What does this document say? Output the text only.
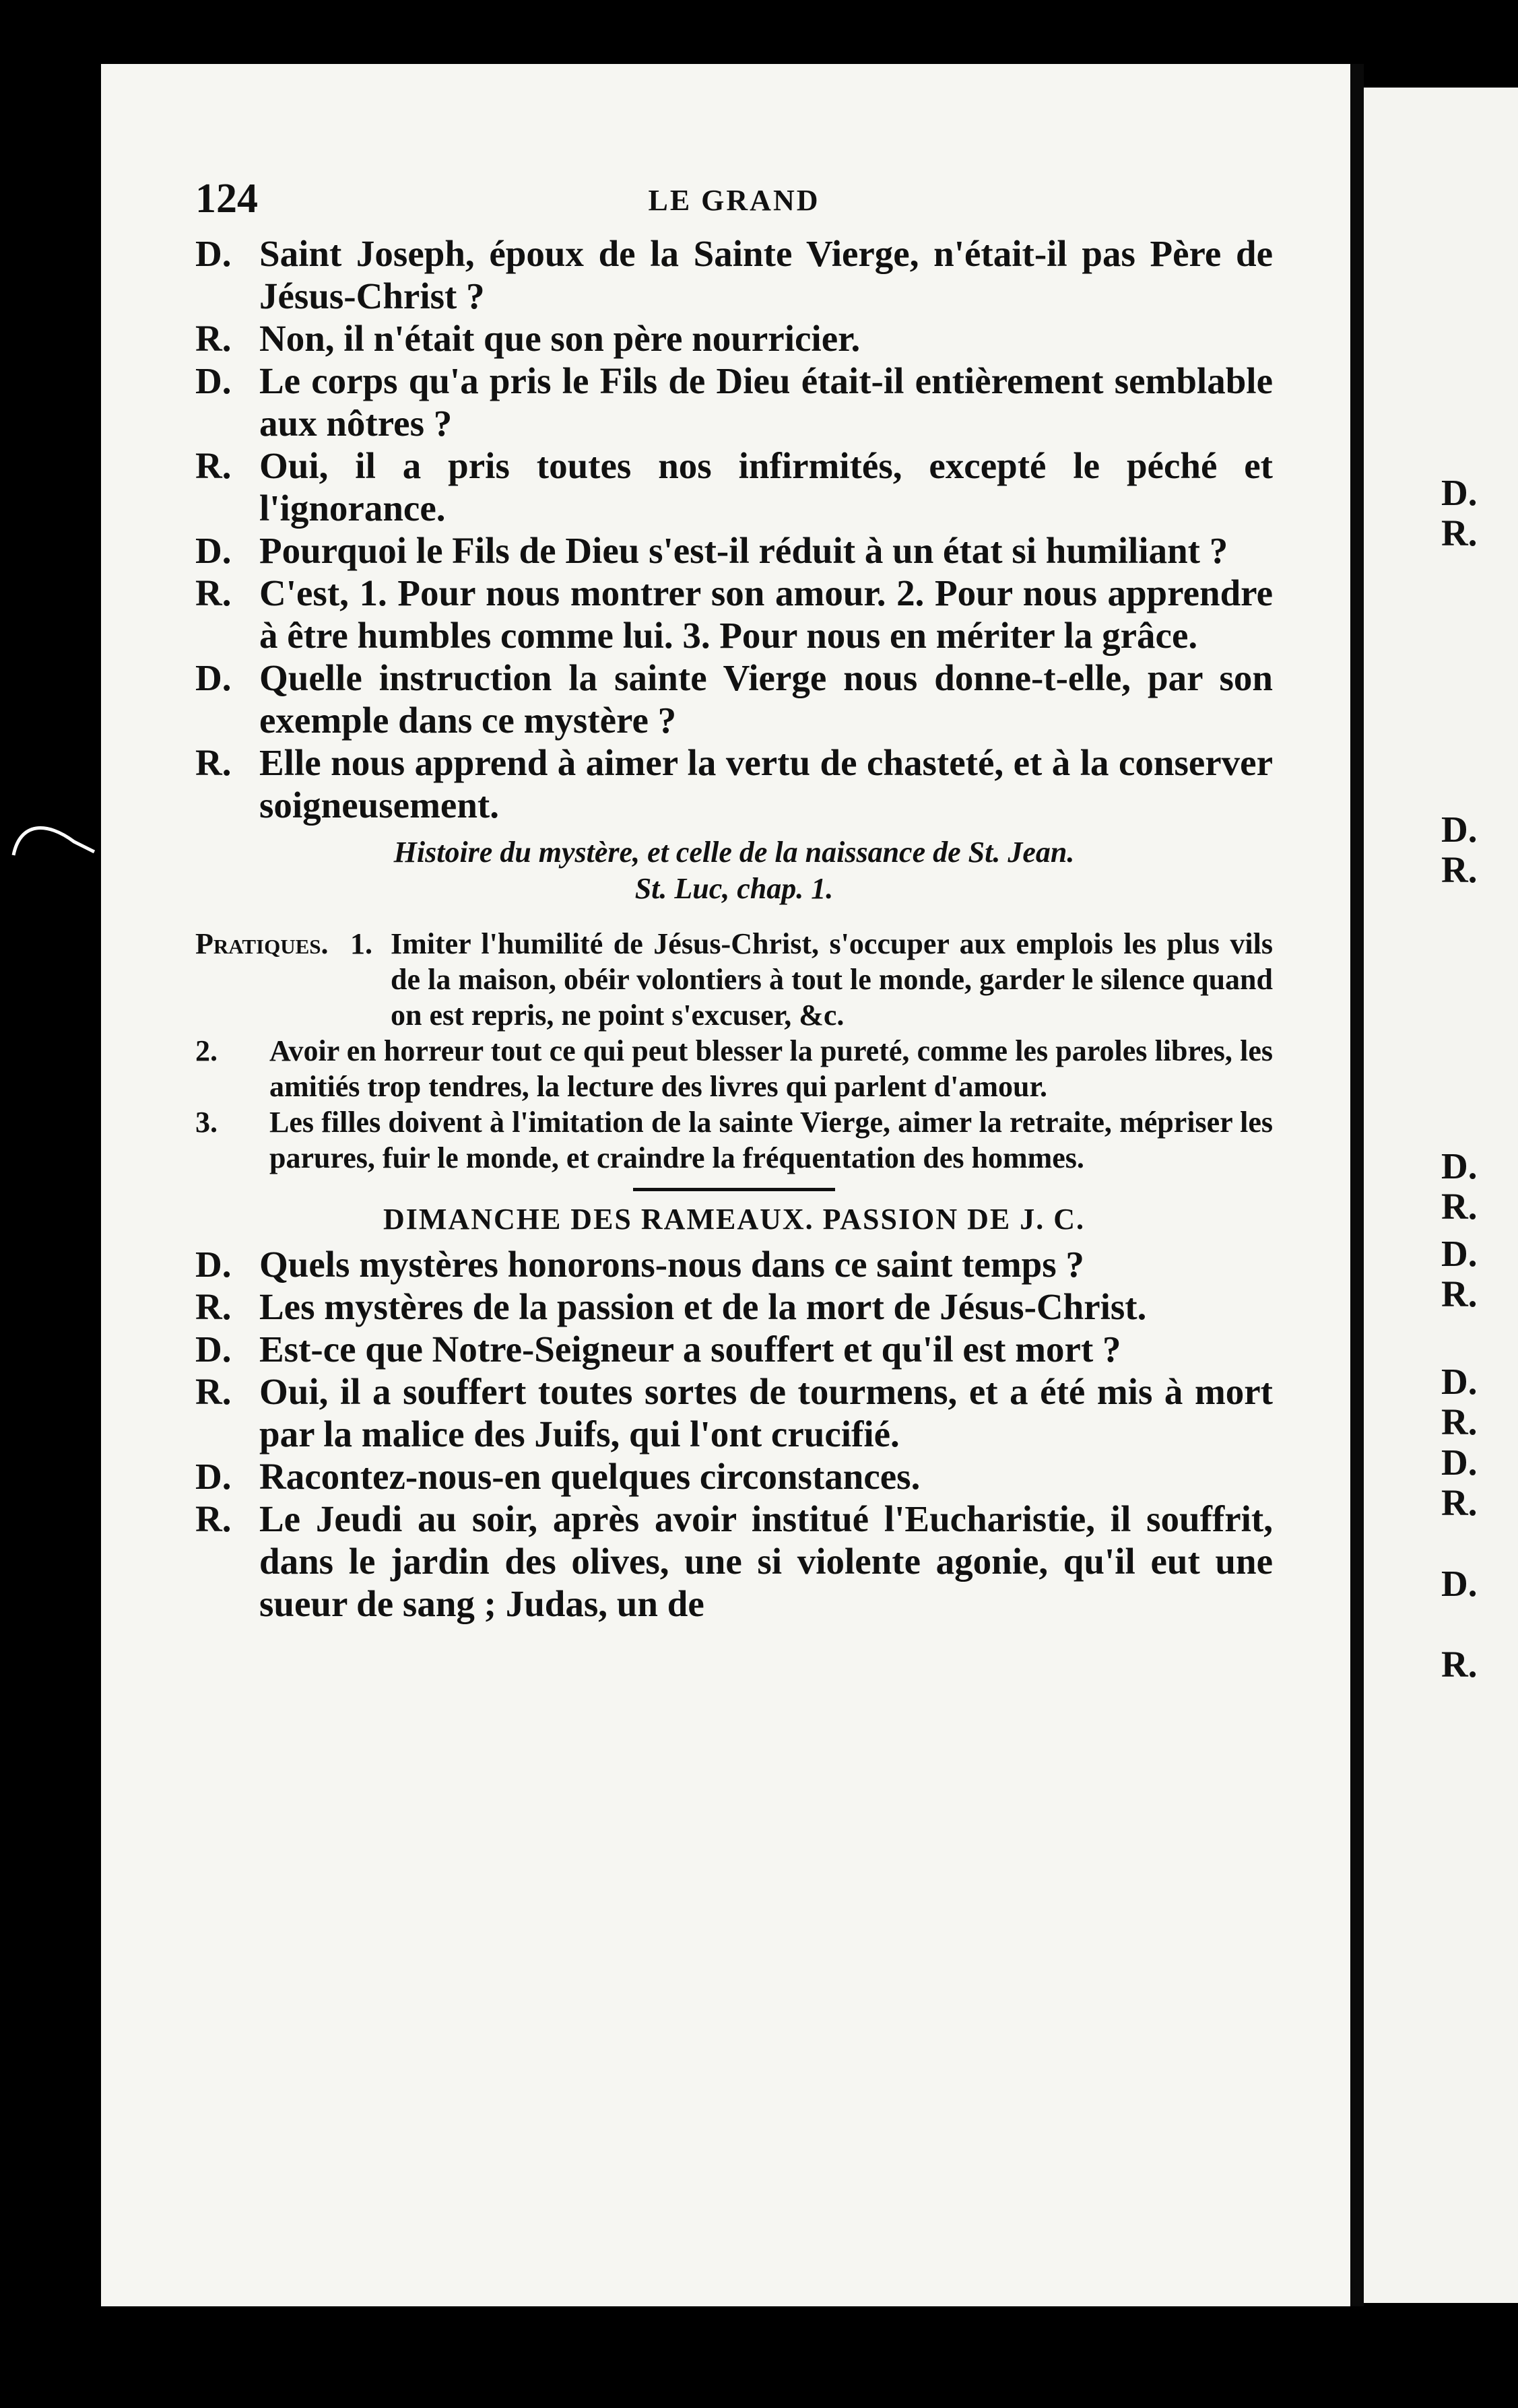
124	LE GRAND
D. Saint Joseph, époux de la Sainte Vierge, n'était-il pas Père de Jésus-Christ ?
R. Non, il n'était que son père nourricier.
D. Le corps qu'a pris le Fils de Dieu était-il entièrement semblable aux nôtres ?
R. Oui, il a pris toutes nos infirmités, excepté le péché et l'ignorance.
D. Pourquoi le Fils de Dieu s'est-il réduit à un état si humiliant ?
R. C'est, 1. Pour nous montrer son amour. 2. Pour nous apprendre à être humbles comme lui. 3. Pour nous en mériter la grâce.
D. Quelle instruction la sainte Vierge nous donne-t-elle, par son exemple dans ce mystère ?
R. Elle nous apprend à aimer la vertu de chasteté, et à la conserver soigneusement.
Histoire du mystère, et celle de la naissance de St. Jean.
St. Luc, chap. 1.
Pratiques. 1. Imiter l'humilité de Jésus-Christ, s'occuper aux emplois les plus vils de la maison, obéir volontiers à tout le monde, garder le silence quand on est repris, ne point s'excuser, &c.
2.	Avoir en horreur tout ce qui peut blesser la pureté, comme les paroles libres, les amitiés trop tendres, la lecture des livres qui parlent d'amour.
3.	Les filles doivent à l'imitation de la sainte Vierge, aimer la retraite, mépriser les parures, fuir le monde, et craindre la fréquentation des hommes.
DIMANCHE DES RAMEAUX. PASSION DE J. C.
D. Quels mystères honorons-nous dans ce saint temps ?
R. Les mystères de la passion et de la mort de Jésus-Christ.
D. Est-ce que Notre-Seigneur a souffert et qu'il est mort ?
R. Oui, il a souffert toutes sortes de tourmens, et a été mis à mort par la malice des Juifs, qui l'ont crucifié.
D. Racontez-nous-en quelques circonstances.
R. Le Jeudi au soir, après avoir institué l'Eucharistie, il souffrit, dans le jardin des olives, une si violente agonie, qu'il eut une sueur de sang ; Judas, un de
D.
R.
D.
R.
D.
R.
D.
R.
D.
R.
D.
R.
D.
R.
